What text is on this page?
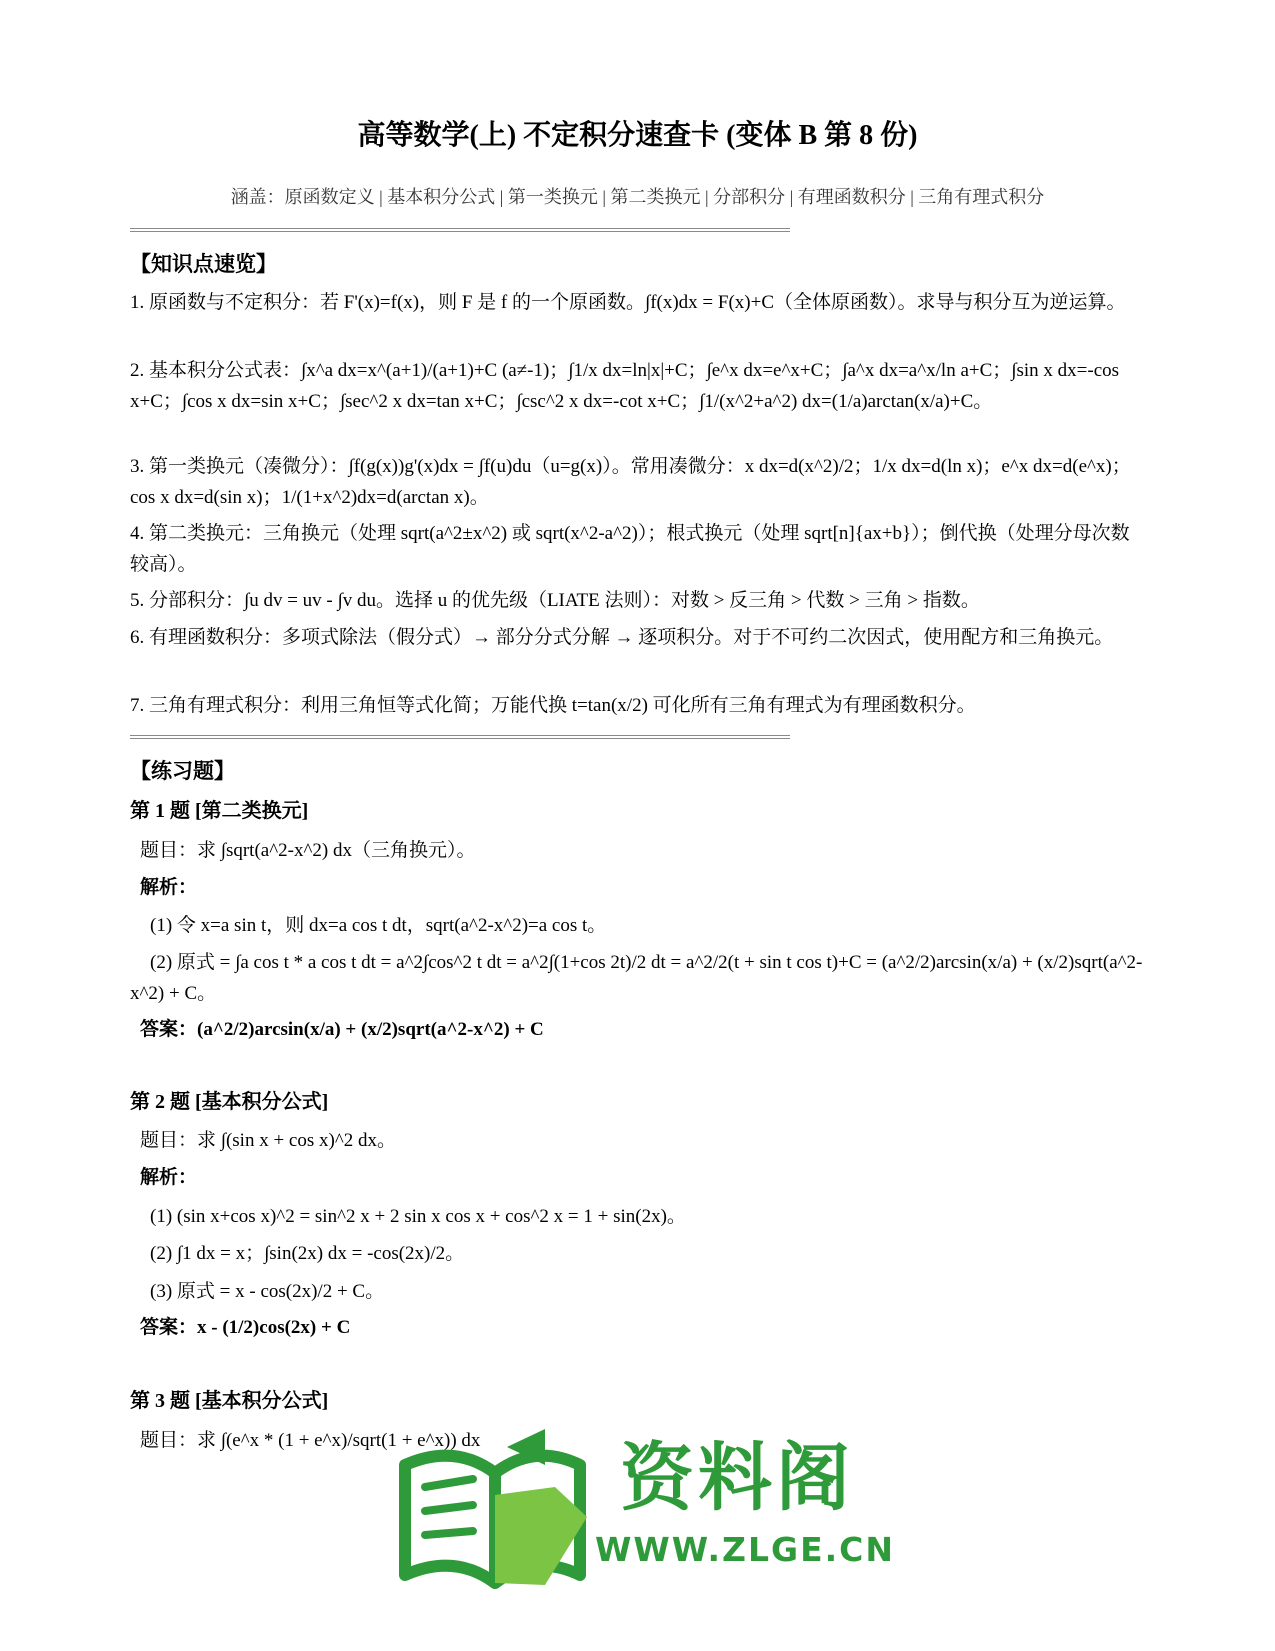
高等数学(上) 不定积分速查卡 (变体 B 第 8 份)
涵盖：原函数定义 | 基本积分公式 | 第一类换元 | 第二类换元 | 分部积分 | 有理函数积分 | 三角有理式积分
【知识点速览】

1. 原函数与不定积分：若 F'(x)=f(x)，则 F 是 f 的一个原函数。∫f(x)dx = F(x)+C（全体原函数）。求导与积分互为逆运算。

2. 基本积分公式表：∫x^a dx=x^(a+1)/(a+1)+C (a≠-1)；∫1/x dx=ln|x|+C；∫e^x dx=e^x+C；∫a^x dx=a^x/ln a+C；∫sin x dx=-cos x+C；∫cos x dx=sin x+C；∫sec^2 x dx=tan x+C；∫csc^2 x dx=-cot x+C；∫1/(x^2+a^2) dx=(1/a)arctan(x/a)+C。

3. 第一类换元（凑微分）：∫f(g(x))g'(x)dx = ∫f(u)du（u=g(x)）。常用凑微分：x dx=d(x^2)/2；1/x dx=d(ln x)；e^x dx=d(e^x)；cos x dx=d(sin x)；1/(1+x^2)dx=d(arctan x)。

4. 第二类换元：三角换元（处理 sqrt(a^2±x^2) 或 sqrt(x^2-a^2)）；根式换元（处理 sqrt[n]{ax+b}）；倒代换（处理分母次数较高）。

5. 分部积分：∫u dv = uv - ∫v du。选择 u 的优先级（LIATE 法则）：对数 > 反三角 > 代数 > 三角 > 指数。

6. 有理函数积分：多项式除法（假分式）→ 部分分式分解 → 逐项积分。对于不可约二次因式，使用配方和三角换元。

7. 三角有理式积分：利用三角恒等式化简；万能代换 t=tan(x/2) 可化所有三角有理式为有理函数积分。

【练习题】
第 1 题 [第二类换元]
题目：求 ∫sqrt(a^2-x^2) dx（三角换元）。
解析：
(1) 令 x=a sin t，则 dx=a cos t dt，sqrt(a^2-x^2)=a cos t。
(2) 原式 = ∫a cos t * a cos t dt = a^2∫cos^2 t dt = a^2∫(1+cos 2t)/2 dt = a^2/2(t + sin t cos t)+C = (a^2/2)arcsin(x/a) + (x/2)sqrt(a^2-x^2) + C。
答案：(a^2/2)arcsin(x/a) + (x/2)sqrt(a^2-x^2) + C
第 2 题 [基本积分公式]
题目：求 ∫(sin x + cos x)^2 dx。
解析：
(1) (sin x+cos x)^2 = sin^2 x + 2 sin x cos x + cos^2 x = 1 + sin(2x)。
(2) ∫1 dx = x；∫sin(2x) dx = -cos(2x)/2。
(3) 原式 = x - cos(2x)/2 + C。
答案：x - (1/2)cos(2x) + C
第 3 题 [基本积分公式]
题目：求 ∫(e^x * (1 + e^x)/sqrt(1 + e^x)) dx	资料阁
WWW.ZLGE.CN
